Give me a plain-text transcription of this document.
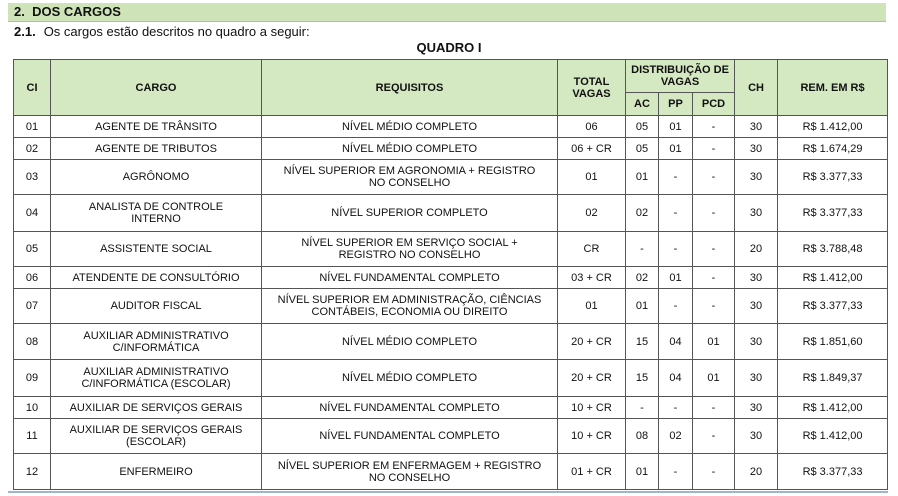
2. DOS CARGOS
2.1. Os cargos estão descritos no quadro a seguir:
QUADRO I
CI	CARGO	REQUISITOS	TOTAL VAGAS	DISTRIBUIÇÃO DE VAGAS			CH	REM. EM R$
				AC	PP	PCD		
01	AGENTE DE TRÂNSITO	NÍVEL MÉDIO COMPLETO	06	05	01	-	30	R$ 1.412,00
02	AGENTE DE TRIBUTOS	NÍVEL MÉDIO COMPLETO	06 + CR	05	01	-	30	R$ 1.674,29
03	AGRÔNOMO	NÍVEL SUPERIOR EM AGRONOMIA + REGISTRO NO CONSELHO	01	01	-	-	30	R$ 3.377,33
04	ANALISTA DE CONTROLE INTERNO	NÍVEL SUPERIOR COMPLETO	02	02	-	-	30	R$ 3.377,33
05	ASSISTENTE SOCIAL	NÍVEL SUPERIOR EM SERVIÇO SOCIAL + REGISTRO NO CONSELHO	CR	-	-	-	20	R$ 3.788,48
06	ATENDENTE DE CONSULTÓRIO	NÍVEL FUNDAMENTAL COMPLETO	03 + CR	02	01	-	30	R$ 1.412,00
07	AUDITOR FISCAL	NÍVEL SUPERIOR EM ADMINISTRAÇÃO, CIÊNCIAS CONTÁBEIS, ECONOMIA OU DIREITO	01	01	-	-	30	R$ 3.377,33
08	AUXILIAR ADMINISTRATIVO C/INFORMÁTICA	NÍVEL MÉDIO COMPLETO	20 + CR	15	04	01	30	R$ 1.851,60
09	AUXILIAR ADMINISTRATIVO C/INFORMÁTICA (ESCOLAR)	NÍVEL MÉDIO COMPLETO	20 + CR	15	04	01	30	R$ 1.849,37
10	AUXILIAR DE SERVIÇOS GERAIS	NÍVEL FUNDAMENTAL COMPLETO	10 + CR	-	-	-	30	R$ 1.412,00
11	AUXILIAR DE SERVIÇOS GERAIS (ESCOLAR)	NÍVEL FUNDAMENTAL COMPLETO	10 + CR	08	02	-	30	R$ 1.412,00
12	ENFERMEIRO	NÍVEL SUPERIOR EM ENFERMAGEM + REGISTRO NO CONSELHO	01 + CR	01	-	-	20	R$ 3.377,33
